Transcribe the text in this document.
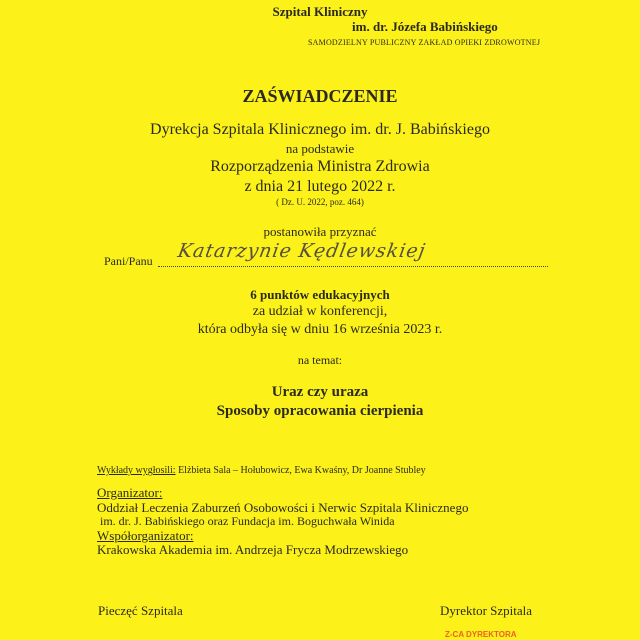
Szpital Kliniczny
im. dr. Józefa Babińskiego
SAMODZIELNY PUBLICZNY ZAKŁAD OPIEKI ZDROWOTNEJ
ZAŚWIADCZENIE
Dyrekcja Szpitala Klinicznego im. dr. J. Babińskiego
na podstawie
Rozporządzenia Ministra Zdrowia
z dnia 21 lutego 2022 r.
( Dz. U. 2022, poz. 464)
postanowiła przyznać
Pani/Panu Katarzynie Kędlewskiej
6 punktów edukacyjnych
za udział w konferencji,
która odbyła się w dniu 16 września 2023 r.
na temat:
Uraz czy uraza
Sposoby opracowania cierpienia
Wykłady wygłosili: Elżbieta Sala – Hołubowicz, Ewa Kwaśny, Dr Joanne Stubley
Organizator:
Oddział Leczenia Zaburzeń Osobowości i Nerwic Szpitala Klinicznego
im. dr. J. Babińskiego oraz Fundacja im. Boguchwała Winida
Współorganizator:
Krakowska Akademia im. Andrzeja Frycza Modrzewskiego
Pieczęć Szpitala	Dyrektor Szpitala
Z-CA DYREKTORA
